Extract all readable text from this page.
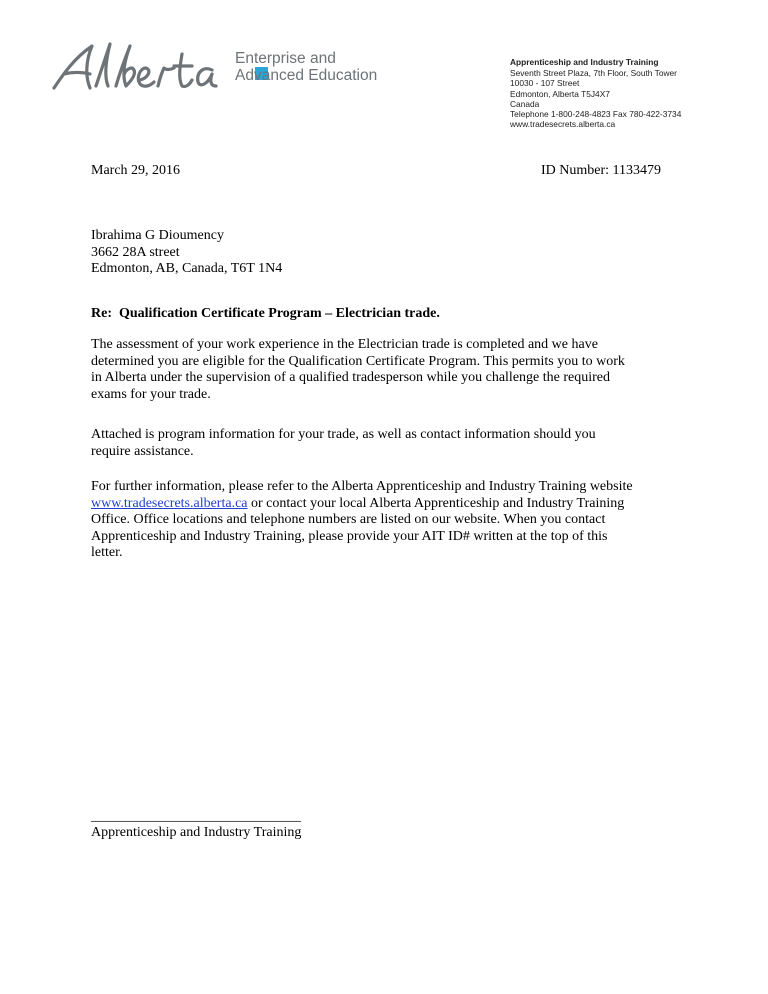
Enterprise and
Advanced Education
Apprenticeship and Industry Training
Seventh Street Plaza, 7th Floor, South Tower
10030 - 107 Street
Edmonton, Alberta T5J4X7
Canada
Telephone 1-800-248-4823 Fax 780-422-3734
www.tradesecrets.alberta.ca
March 29, 2016	ID Number: 1133479
Ibrahima G Dioumency
3662 28A street
Edmonton, AB, Canada, T6T 1N4
Re:  Qualification Certificate Program – Electrician trade.
The assessment of your work experience in the Electrician trade is completed and we have
determined you are eligible for the Qualification Certificate Program. This permits you to work
in Alberta under the supervision of a qualified tradesperson while you challenge the required
exams for your trade.
Attached is program information for your trade, as well as contact information should you
require assistance.
For further information, please refer to the Alberta Apprenticeship and Industry Training website
www.tradesecrets.alberta.ca or contact your local Alberta Apprenticeship and Industry Training
Office. Office locations and telephone numbers are listed on our website. When you contact
Apprenticeship and Industry Training, please provide your AIT ID# written at the top of this
letter.
______________________________
Apprenticeship and Industry Training
